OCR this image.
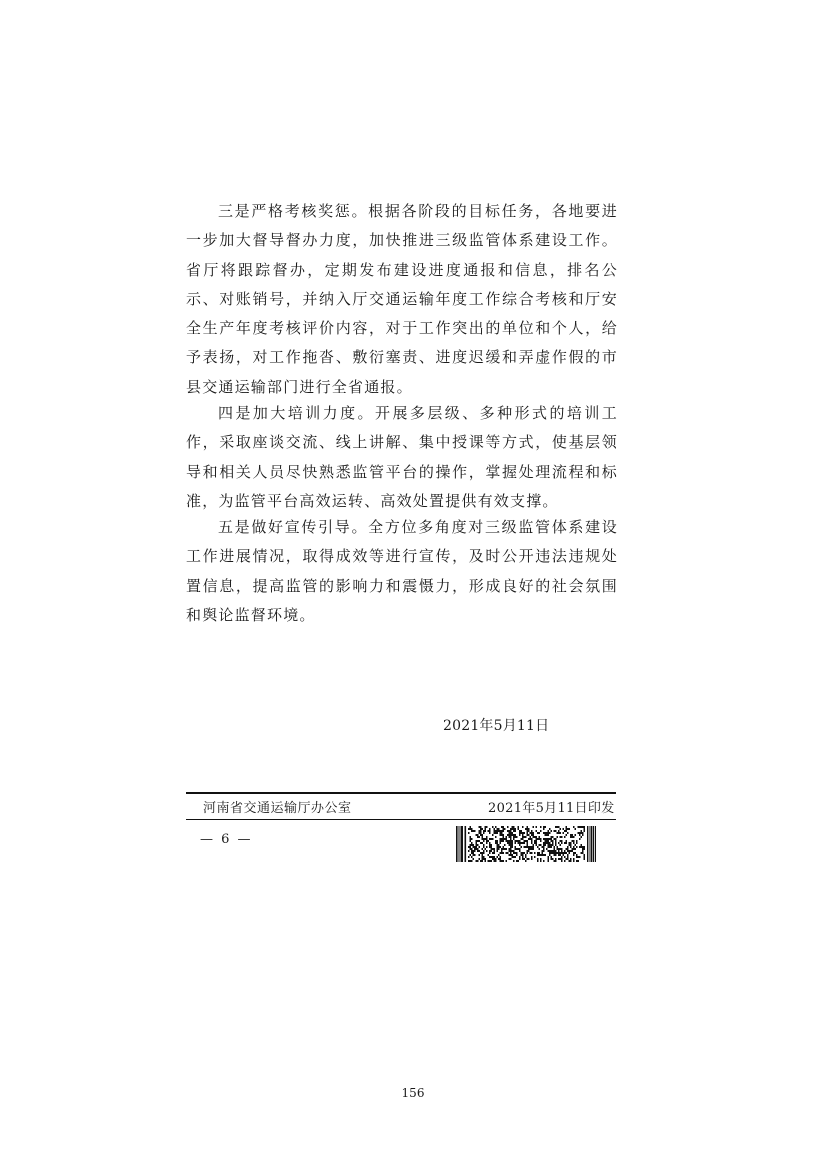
三是严格考核奖惩。根据各阶段的目标任务，各地要进一步加大督导督办力度，加快推进三级监管体系建设工作。省厅将跟踪督办，定期发布建设进度通报和信息，排名公示、对账销号，并纳入厅交通运输年度工作综合考核和厅安全生产年度考核评价内容，对于工作突出的单位和个人，给予表扬，对工作拖沓、敷衍塞责、进度迟缓和弄虚作假的市县交通运输部门进行全省通报。

四是加大培训力度。开展多层级、多种形式的培训工作，采取座谈交流、线上讲解、集中授课等方式，使基层领导和相关人员尽快熟悉监管平台的操作，掌握处理流程和标准，为监管平台高效运转、高效处置提供有效支撑。

五是做好宣传引导。全方位多角度对三级监管体系建设工作进展情况，取得成效等进行宣传，及时公开违法违规处置信息，提高监管的影响力和震慑力，形成良好的社会氛围和舆论监督环境。

2021年5月11日
河南省交通运输厅办公室	2021年5月11日印发
— 6 —
156
